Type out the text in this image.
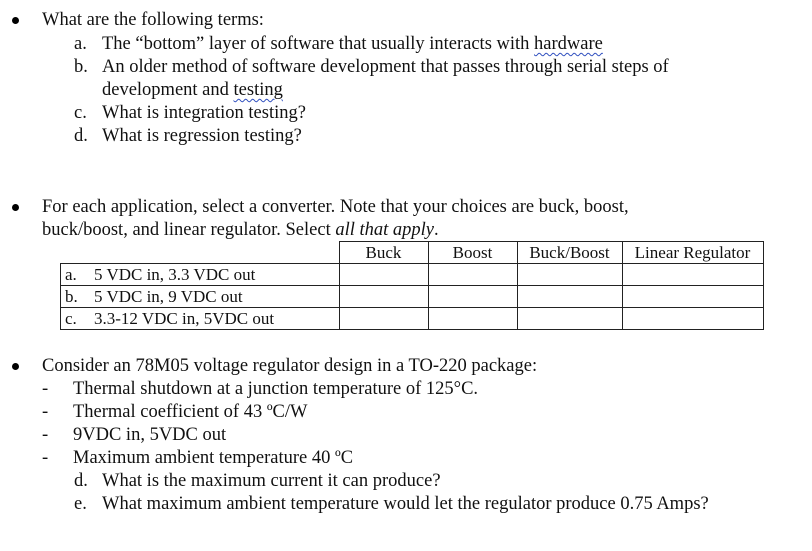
What are the following terms:
a. The “bottom” layer of software that usually interacts with hardware
b. An older method of software development that passes through serial steps of
development and testing
c. What is integration testing?
d. What is regression testing?
For each application, select a converter. Note that your choices are buck, boost,
buck/boost, and linear regulator. Select all that apply.
	Buck	Boost	Buck/Boost	Linear Regulator
a. 5 VDC in, 3.3 VDC out				
b. 5 VDC in, 9 VDC out				
c. 3.3-12 VDC in, 5VDC out				
Consider an 78M05 voltage regulator design in a TO-220 package:
- Thermal shutdown at a junction temperature of 125°C.
- Thermal coefficient of 43 ºC/W
- 9VDC in, 5VDC out
- Maximum ambient temperature 40 ºC
d. What is the maximum current it can produce?
e. What maximum ambient temperature would let the regulator produce 0.75 Amps?
